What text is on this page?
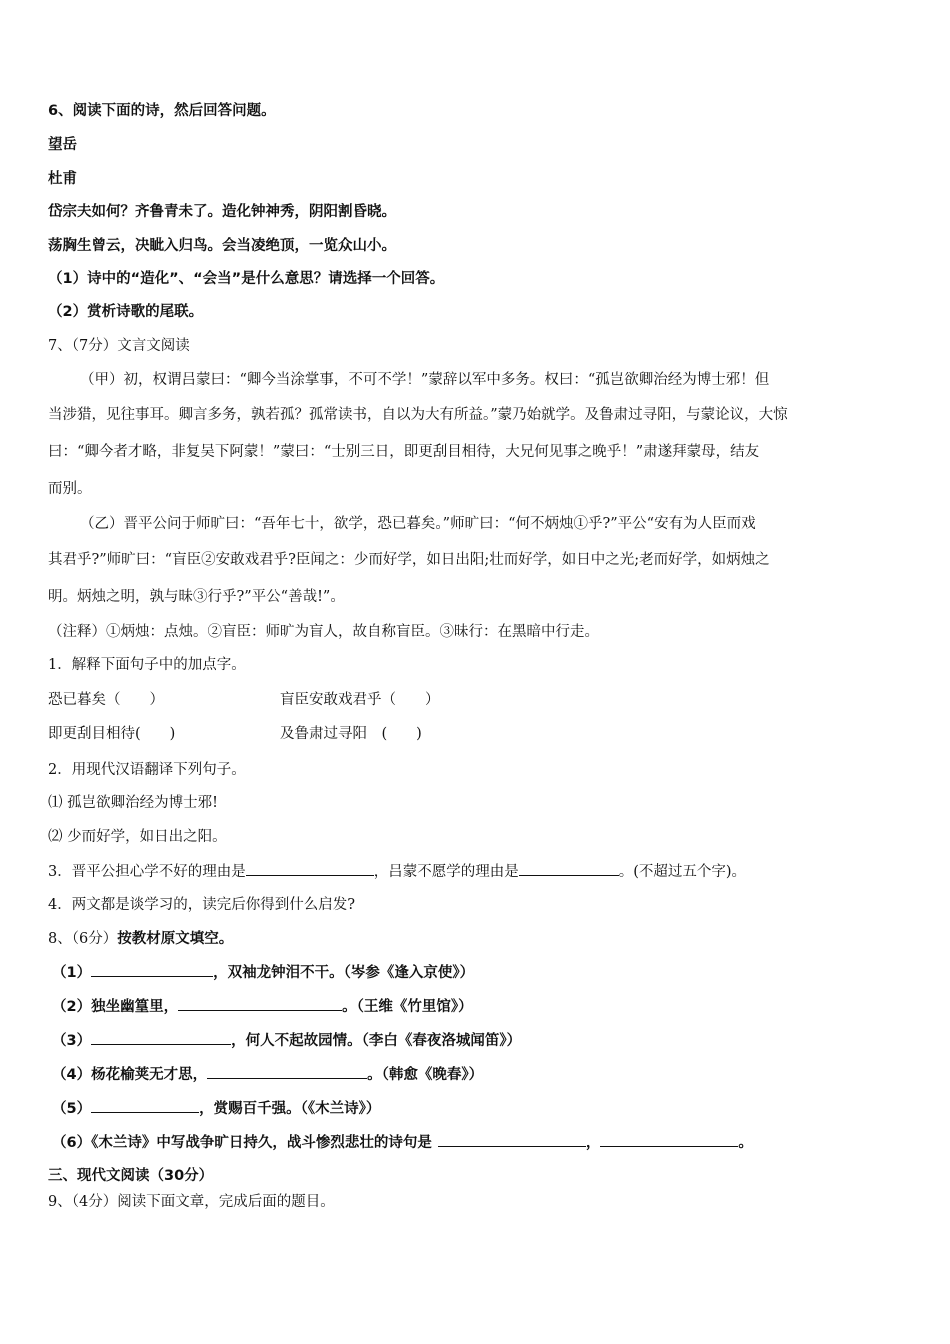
6、阅读下面的诗，然后回答问题。
望岳
杜甫
岱宗夫如何？齐鲁青未了。造化钟神秀，阴阳割昏晓。
荡胸生曾云，决眦入归鸟。会当凌绝顶，一览众山小。
（1）诗中的“造化”、“会当”是什么意思？请选择一个回答。
（2）赏析诗歌的尾联。
7、（7分）文言文阅读
（甲）初，权谓吕蒙曰：“卿今当涂掌事，不可不学！”蒙辞以军中多务。权曰：“孤岂欲卿治经为博士邪！但
当涉猎，见往事耳。卿言多务，孰若孤？孤常读书，自以为大有所益。”蒙乃始就学。及鲁肃过寻阳，与蒙论议，大惊
曰：“卿今者才略，非复吴下阿蒙！”蒙曰：“士别三日，即更刮目相待，大兄何见事之晚乎！”肃遂拜蒙母，结友
而别。
（乙）晋平公问于师旷曰：“吾年七十，欲学，恐已暮矣。”师旷曰：“何不炳烛①乎?”平公“安有为人臣而戏
其君乎?”师旷曰：“盲臣②安敢戏君乎?臣闻之：少而好学，如日出阳;壮而好学，如日中之光;老而好学，如炳烛之
明。炳烛之明，孰与昧③行乎?”平公“善哉!”。
（注释）①炳烛：点烛。②盲臣：师旷为盲人，故自称盲臣。③昧行：在黑暗中行走。
1．解释下面句子中的加点字。
恐已暮矣（　　）	盲臣安敢戏君乎（　　）
即更刮目相待(　　)	及鲁肃过寻阳　(　　)
2．用现代汉语翻译下列句子。
⑴ 孤岂欲卿治经为博士邪!
⑵ 少而好学，如日出之阳。
3．晋平公担心学不好的理由是	，吕蒙不愿学的理由是	。(不超过五个字)。
4．两文都是谈学习的，读完后你得到什么启发?
8、（6分）按教材原文填空。
（1）	，双袖龙钟泪不干。（岑参《逢入京使》）
（2）独坐幽篁里，	。（王维《竹里馆》）
（3）	，何人不起故园情。（李白《春夜洛城闻笛》）
（4）杨花榆荚无才思，	。（韩愈《晚春》）
（5）	，赏赐百千强。（《木兰诗》）
（6）《木兰诗》中写战争旷日持久，战斗惨烈悲壮的诗句是	，	。
三、现代文阅读（30分）
9、（4分）阅读下面文章，完成后面的题目。
